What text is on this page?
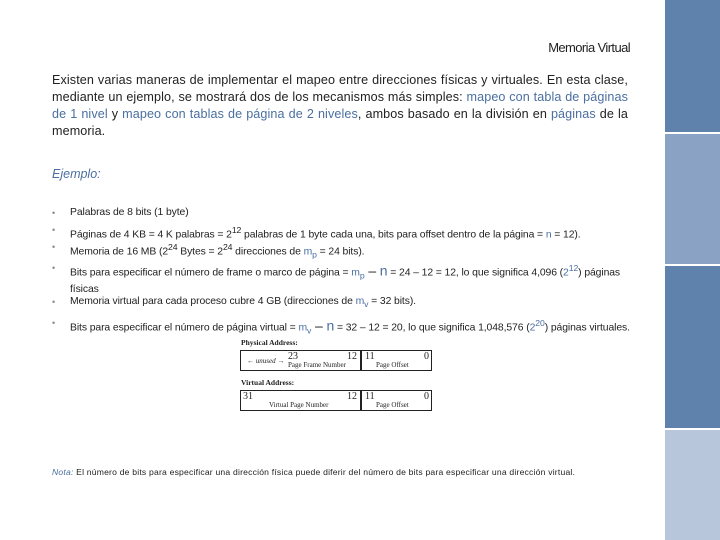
Memoria Virtual
Existen varias maneras de implementar el mapeo entre direcciones físicas y virtuales. En esta clase, mediante un ejemplo, se mostrará dos de los mecanismos más simples: mapeo con tabla de páginas de 1 nivel y mapeo con tablas de página de 2 niveles, ambos basado en la división en páginas de la memoria.
Ejemplo:
• Palabras de 8 bits (1 byte)
• Páginas de 4 KB = 4 K palabras = $2^{12}$ palabras de 1 byte cada una, bits para offset dentro de la página = n = 12).
• Memoria de 16 MB ($2^{24}$ Bytes = $2^{24}$ direcciones de $m_p = 24$ bits).
• Bits para especificar el número de frame o marco de página = $m_p - n = 24 - 12 = 12$, lo que significa 4,096 $(2^{12})$ páginas físicas
• Memoria virtual para cada proceso cubre 4 GB (direcciones de $m_v = 32$ bits).
• Bits para especificar el número de página virtual = $m_v - n = 32 - 12 = 20$, lo que significa 1,048,576 $(2^{20})$ páginas virtuales.
Physical Address:
← unused → 23	12 11	0
Page Frame Number	Page Offset
Virtual Address:
31	12 11	0
Virtual Page Number	Page Offset
Nota: El número de bits para especificar una dirección física puede diferir del número de bits para especificar una dirección virtual.
